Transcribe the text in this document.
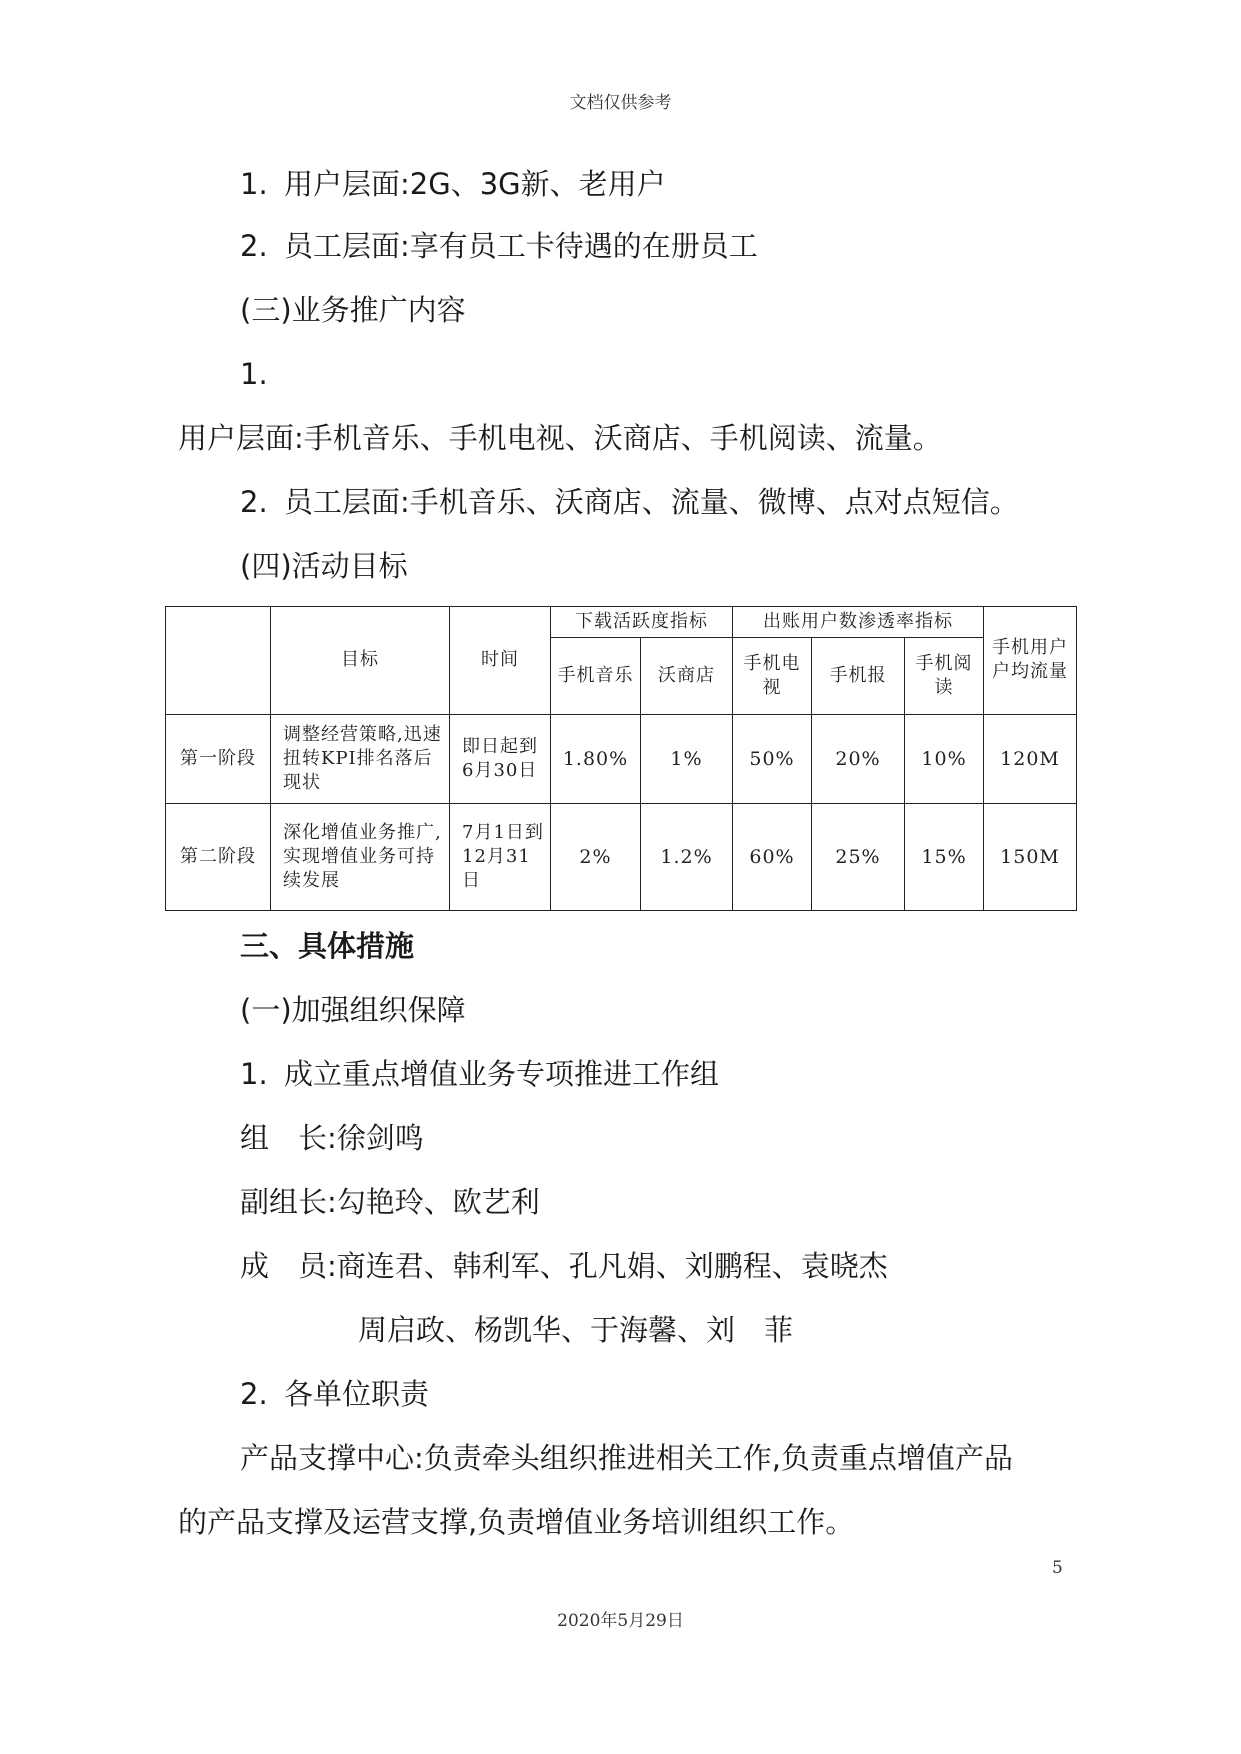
文档仅供参考
1. 用户层面:2G、3G新、老用户
2. 员工层面:享有员工卡待遇的在册员工
(三)业务推广内容
1.
用户层面:手机音乐、手机电视、沃商店、手机阅读、流量。
2. 员工层面:手机音乐、沃商店、流量、微博、点对点短信。
(四)活动目标
	目标	时间	下载活跃度指标		出账用户数渗透率指标			手机用户户均流量
			手机音乐	沃商店	手机电视	手机报	手机阅读	
第一阶段	调整经营策略,迅速扭转KPI排名落后现状	即日起到6月30日	1.80%	1%	50%	20%	10%	120M
第二阶段	深化增值业务推广,实现增值业务可持续发展	7月1日到12月31日	2%	1.2%	60%	25%	15%	150M
三、具体措施
(一)加强组织保障
1. 成立重点增值业务专项推进工作组
组　长:徐剑鸣
副组长:勾艳玲、欧艺利
成　员:商连君、韩利军、孔凡娟、刘鹏程、袁晓杰
周启政、杨凯华、于海馨、刘　菲
2. 各单位职责
产品支撑中心:负责牵头组织推进相关工作,负责重点增值产品
的产品支撑及运营支撑,负责增值业务培训组织工作。
5
2020年5月29日
